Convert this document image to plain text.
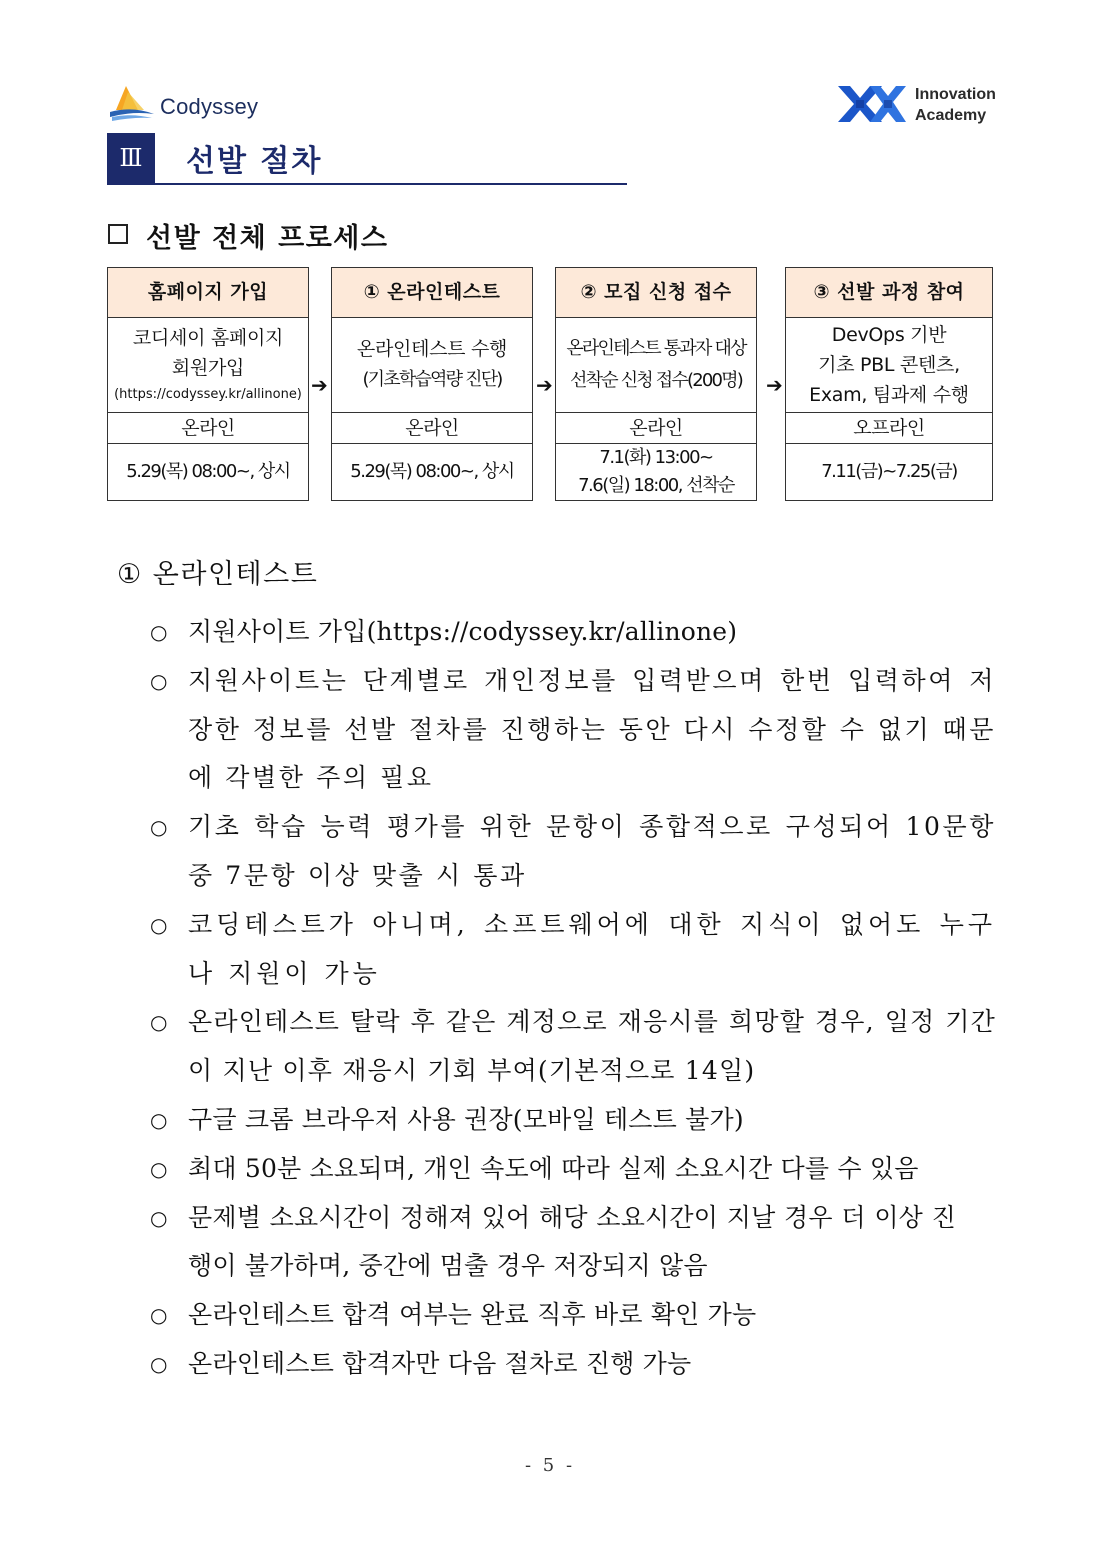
Codyssey	Innovation
Academy
Ⅲ	선발 절차
선발 전체 프로세스
홈페이지 가입
코디세이 홈페이지
회원가입
(https://codyssey.kr/allinone)
온라인
5.29(목) 08:00~, 상시
➔
① 온라인테스트
온라인테스트 수행
(기초학습역량 진단)
온라인
5.29(목) 08:00~, 상시
➔
② 모집 신청 접수
온라인테스트 통과자 대상
선착순 신청 접수(200명)
온라인
7.1(화) 13:00~
7.6(일) 18:00, 선착순
➔
③ 선발 과정 참여
DevOps 기반
기초 PBL 콘텐츠,
Exam, 팀과제 수행
오프라인
7.11(금)~7.25(금)
① 온라인테스트
○ 지원사이트 가입(https://codyssey.kr/allinone)
○ 지원사이트는 단계별로 개인정보를 입력받으며 한번 입력하여 저장한 정보를 선발 절차를 진행하는 동안 다시 수정할 수 없기 때문에 각별한 주의 필요
○ 기초 학습 능력 평가를 위한 문항이 종합적으로 구성되어 10문항 중 7문항 이상 맞출 시 통과
○ 코딩테스트가 아니며, 소프트웨어에 대한 지식이 없어도 누구나 지원이 가능
○ 온라인테스트 탈락 후 같은 계정으로 재응시를 희망할 경우, 일정 기간이 지난 이후 재응시 기회 부여(기본적으로 14일)
○ 구글 크롬 브라우저 사용 권장(모바일 테스트 불가)
○ 최대 50분 소요되며, 개인 속도에 따라 실제 소요시간 다를 수 있음
○ 문제별 소요시간이 정해져 있어 해당 소요시간이 지날 경우 더 이상 진행이 불가하며, 중간에 멈출 경우 저장되지 않음
○ 온라인테스트 합격 여부는 완료 직후 바로 확인 가능
○ 온라인테스트 합격자만 다음 절차로 진행 가능
- 5 -
